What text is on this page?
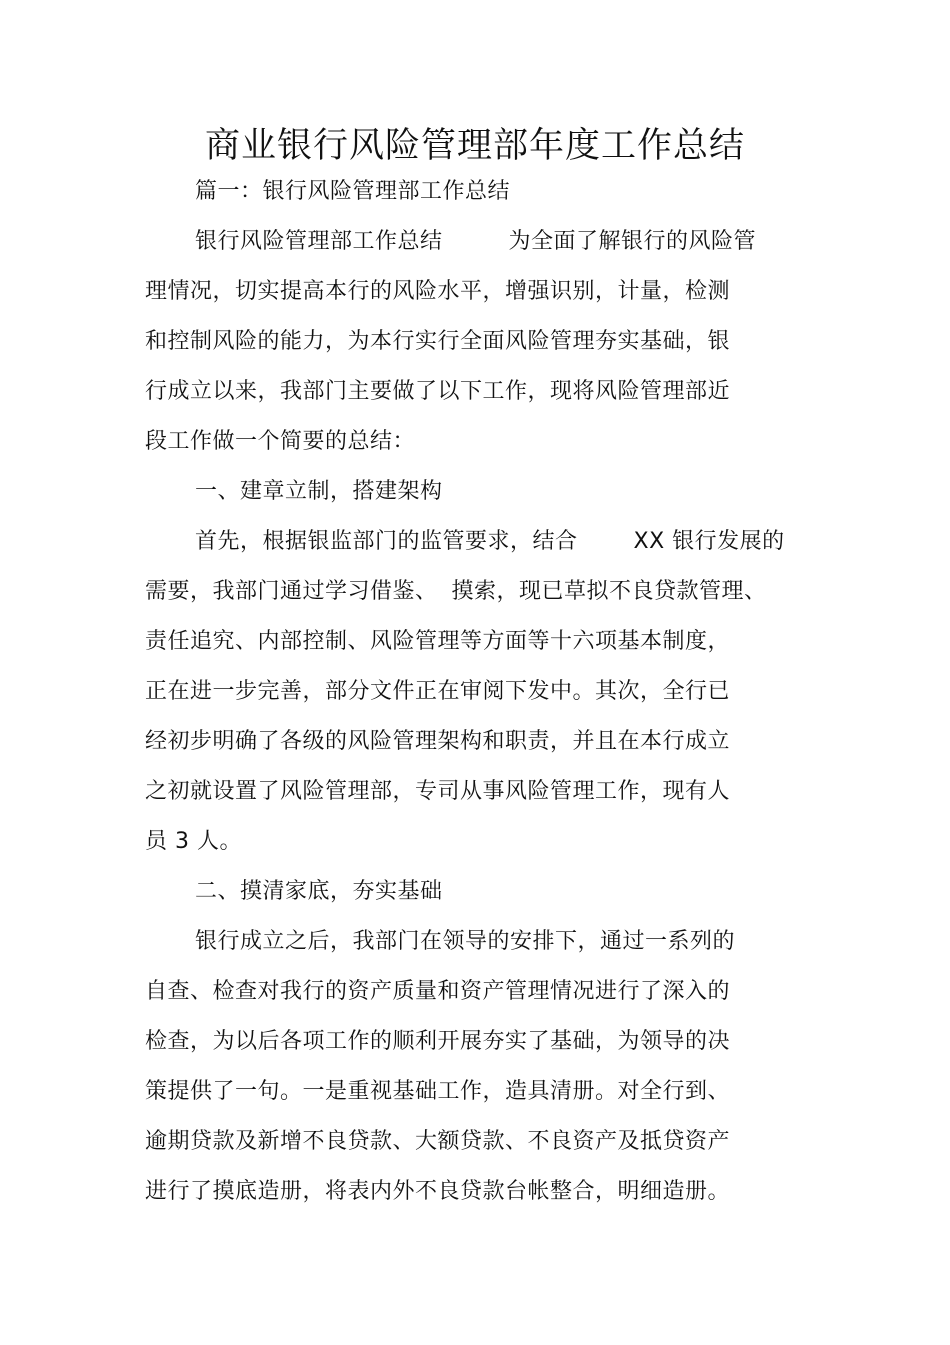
商业银行风险管理部年度工作总结
篇一：银行风险管理部工作总结
银行风险管理部工作总结	为全面了解银行的风险管
理情况，切实提高本行的风险水平，增强识别，计量，检测
和控制风险的能力，为本行实行全面风险管理夯实基础，银
行成立以来，我部门主要做了以下工作，现将风险管理部近
段工作做一个简要的总结：
一、建章立制，搭建架构
首先，根据银监部门的监管要求，结合	XX 银行发展的
需要，我部门通过学习借鉴、 摸索，现已草拟不良贷款管理、
责任追究、内部控制、风险管理等方面等十六项基本制度，
正在进一步完善，部分文件正在审阅下发中。其次，全行已
经初步明确了各级的风险管理架构和职责，并且在本行成立
之初就设置了风险管理部，专司从事风险管理工作，现有人
员 3 人。
二、摸清家底，夯实基础
银行成立之后，我部门在领导的安排下，通过一系列的
自查、检查对我行的资产质量和资产管理情况进行了深入的
检查，为以后各项工作的顺利开展夯实了基础，为领导的决
策提供了一句。一是重视基础工作，造具清册。对全行到、
逾期贷款及新增不良贷款、大额贷款、不良资产及抵贷资产
进行了摸底造册，将表内外不良贷款台帐整合，明细造册。
